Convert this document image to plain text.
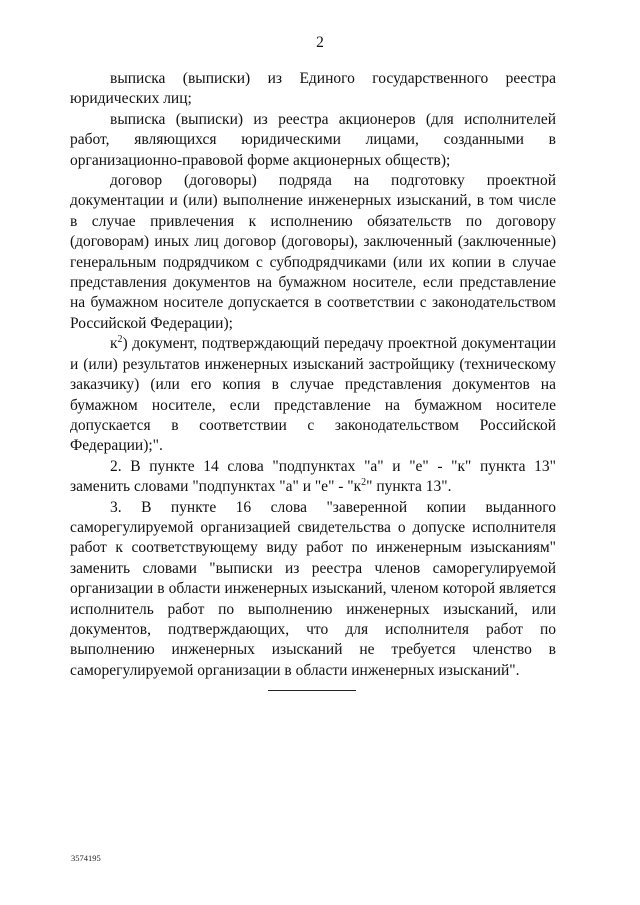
2

выписка (выписки) из Единого государственного реестра юридических лиц;

выписка (выписки) из реестра акционеров (для исполнителей работ, являющихся юридическими лицами, созданными в организационно-правовой форме акционерных обществ);

договор (договоры) подряда на подготовку проектной документации и (или) выполнение инженерных изысканий, в том числе в случае привлечения к исполнению обязательств по договору (договорам) иных лиц договор (договоры), заключенный (заключенные) генеральным подрядчиком с субподрядчиками (или их копии в случае представления документов на бумажном носителе, если представление на бумажном носителе допускается в соответствии с законодательством Российской Федерации);

$к^2$) документ, подтверждающий передачу проектной документации и (или) результатов инженерных изысканий застройщику (техническому заказчику) (или его копия в случае представления документов на бумажном носителе, если представление на бумажном носителе допускается в соответствии с законодательством Российской Федерации);".

2. В пункте 14 слова "подпунктах "а" и "е" - "к" пункта 13" заменить словами "подпунктах "а" и "е" - "$к^2$" пункта 13".

3. В пункте 16 слова "заверенной копии выданного саморегулируемой организацией свидетельства о допуске исполнителя работ к соответствующему виду работ по инженерным изысканиям" заменить словами "выписки из реестра членов саморегулируемой организации в области инженерных изысканий, членом которой является исполнитель работ по выполнению инженерных изысканий, или документов, подтверждающих, что для исполнителя работ по выполнению инженерных изысканий не требуется членство в саморегулируемой организации в области инженерных изысканий".

3574195
